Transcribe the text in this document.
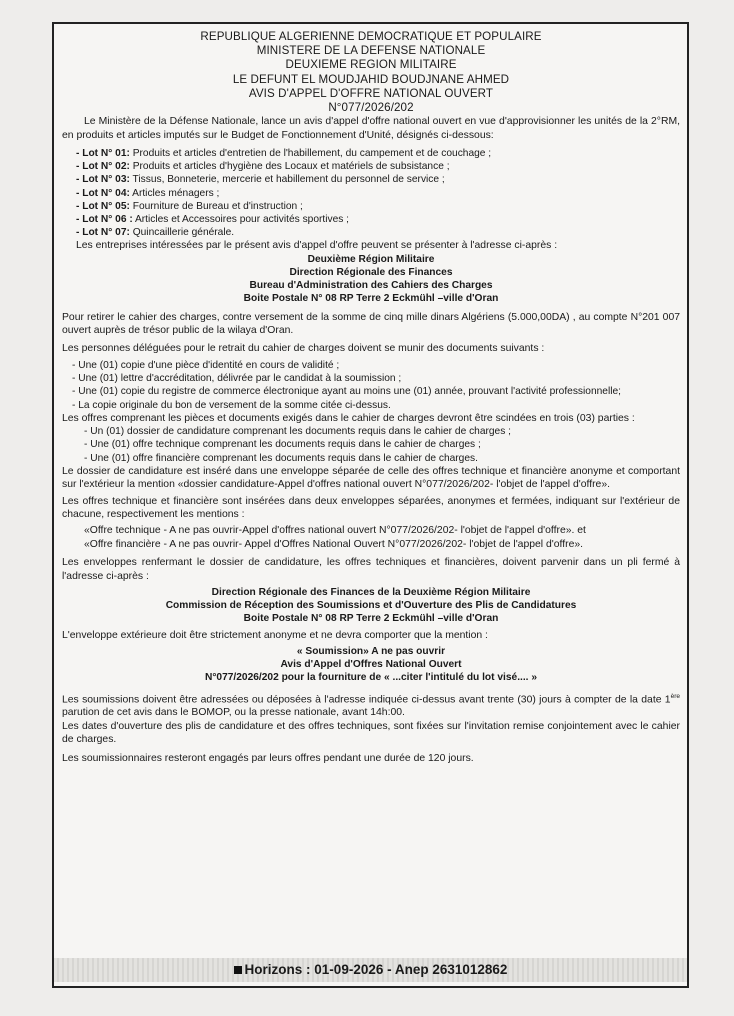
REPUBLIQUE ALGERIENNE DEMOCRATIQUE ET POPULAIRE
MINISTERE DE LA DEFENSE NATIONALE
DEUXIEME REGION MILITAIRE
LE DEFUNT EL MOUDJAHID BOUDJNANE AHMED
AVIS D'APPEL D'OFFRE NATIONAL OUVERT
N°077/2026/202

Le Ministère de la Défense Nationale, lance un avis d'appel d'offre national ouvert en vue d'approvisionner les unités de la 2°RM, en produits et articles imputés sur le Budget de Fonctionnement d'Unité, désignés ci-dessous:

- Lot N° 01: Produits et articles d'entretien de l'habillement, du campement et de couchage ;
- Lot N° 02: Produits et articles d'hygiène des Locaux et matériels de subsistance ;
- Lot N° 03: Tissus, Bonneterie, mercerie et habillement du personnel de service ;
- Lot N° 04: Articles ménagers ;
- Lot N° 05: Fourniture de Bureau et d'instruction ;
- Lot N° 06 : Articles et Accessoires pour activités sportives ;
- Lot N° 07: Quincaillerie générale.

Les entreprises intéressées par le présent avis d'appel d'offre peuvent se présenter à l'adresse ci-après :

Deuxième Région Militaire
Direction Régionale des Finances
Bureau d'Administration des Cahiers des Charges
Boite Postale N° 08 RP Terre 2 Eckmühl –ville d'Oran

Pour retirer le cahier des charges, contre versement de la somme de cinq mille dinars Algériens (5.000,00DA) , au compte N°201 007 ouvert auprès de trésor public de la wilaya d'Oran.

Les personnes déléguées pour le retrait du cahier de charges doivent se munir des documents suivants :

- Une (01) copie d'une pièce d'identité en cours de validité ;
- Une (01) lettre d'accréditation, délivrée par le candidat à la soumission ;
- Une (01) copie du registre de commerce électronique ayant au moins une (01) année, prouvant l'activité professionnelle;
- La copie originale du bon de versement de la somme citée ci-dessus.

Les offres comprenant les pièces et documents exigés dans le cahier de charges devront être scindées en trois (03) parties :

- Un (01) dossier de candidature comprenant les documents requis dans le cahier de charges ;
- Une (01) offre technique comprenant les documents requis dans le cahier de charges ;
- Une (01) offre financière comprenant les documents requis dans le cahier de charges.

Le dossier de candidature est inséré dans une enveloppe séparée de celle des offres technique et financière anonyme et comportant sur l'extérieur la mention «dossier candidature-Appel d'offres national ouvert N°077/2026/202- l'objet de l'appel d'offre».

Les offres technique et financière sont insérées dans deux enveloppes séparées, anonymes et fermées, indiquant sur l'extérieur de chacune, respectivement les mentions :

«Offre technique - A ne pas ouvrir-Appel d'offres national ouvert N°077/2026/202- l'objet de l'appel d'offre». et

«Offre financière - A ne pas ouvrir- Appel d'Offres National Ouvert N°077/2026/202- l'objet de l'appel d'offre».

Les enveloppes renfermant le dossier de candidature, les offres techniques et financières, doivent parvenir dans un pli fermé à l'adresse ci-après :

Direction Régionale des Finances de la Deuxième Région Militaire
Commission de Réception des Soumissions et d'Ouverture des Plis de Candidatures
Boite Postale N° 08 RP Terre 2 Eckmühl –ville d'Oran

L'enveloppe extérieure doit être strictement anonyme et ne devra comporter que la mention :

« Soumission» A ne pas ouvrir
Avis d'Appel d'Offres National Ouvert
N°077/2026/202 pour la fourniture de « ...citer l'intitulé du lot visé.... »

Les soumissions doivent être adressées ou déposées à l'adresse indiquée ci-dessus avant trente (30) jours à compter de la date 1ère parution de cet avis dans le BOMOP, ou la presse nationale, avant 14h:00.

Les dates d'ouverture des plis de candidature et des offres techniques, sont fixées sur l'invitation remise conjointement avec le cahier de charges.

Les soumissionnaires resteront engagés par leurs offres pendant une durée de 120 jours.

Horizons : 01-09-2026 - Anep 2631012862
